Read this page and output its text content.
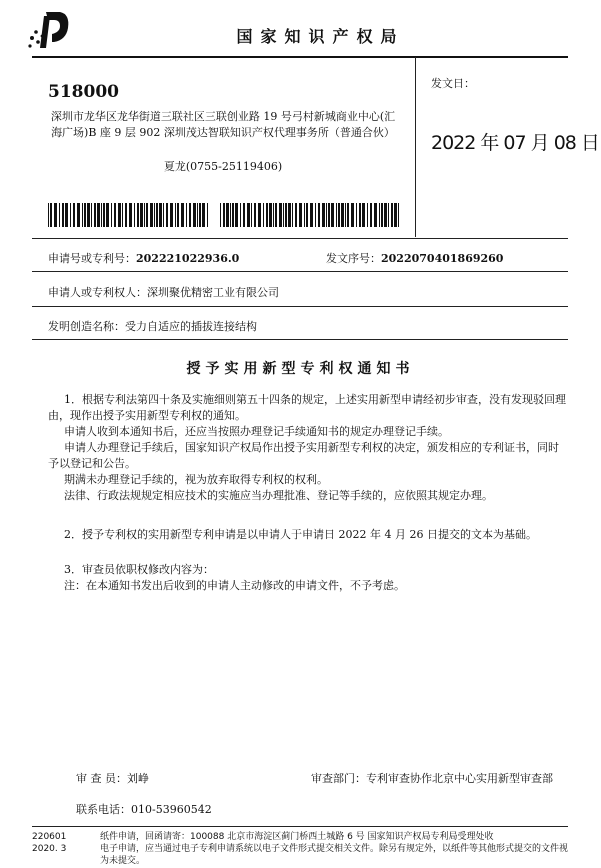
国家知识产权局
518000
深圳市龙华区龙华街道三联社区三联创业路 19 号弓村新城商业中心(汇海广场)B 座 9 层 902 深圳茂达智联知识产权代理事务所（普通合伙）
夏龙(0755-25119406)
发文日：
2022 年 07 月 08 日
申请号或专利号：202221022936.0	发文序号：2022070401869260
申请人或专利权人：深圳聚优精密工业有限公司
发明创造名称：受力自适应的插拔连接结构
授予实用新型专利权通知书

1．根据专利法第四十条及实施细则第五十四条的规定，上述实用新型申请经初步审查，没有发现驳回理由，现作出授予实用新型专利权的通知。

申请人收到本通知书后，还应当按照办理登记手续通知书的规定办理登记手续。

申请人办理登记手续后，国家知识产权局作出授予实用新型专利权的决定，颁发相应的专利证书，同时予以登记和公告。

期满未办理登记手续的，视为放弃取得专利权的权利。

法律、行政法规规定相应技术的实施应当办理批准、登记等手续的，应依照其规定办理。

2．授予专利权的实用新型专利申请是以申请人于申请日 2022 年 4 月 26 日提交的文本为基础。

3．审查员依职权修改内容为：

注：在本通知书发出后收到的申请人主动修改的申请文件，不予考虑。

审 查 员：刘峥	审查部门：专利审查协作北京中心实用新型审查部
联系电话：010-53960542
220601
2020. 3
纸件申请，回函请寄：100088 北京市海淀区蓟门桥西土城路 6 号 国家知识产权局专利局受理处收
电子申请，应当通过电子专利申请系统以电子文件形式提交相关文件。除另有规定外，以纸件等其他形式提交的文件视为未提交。
